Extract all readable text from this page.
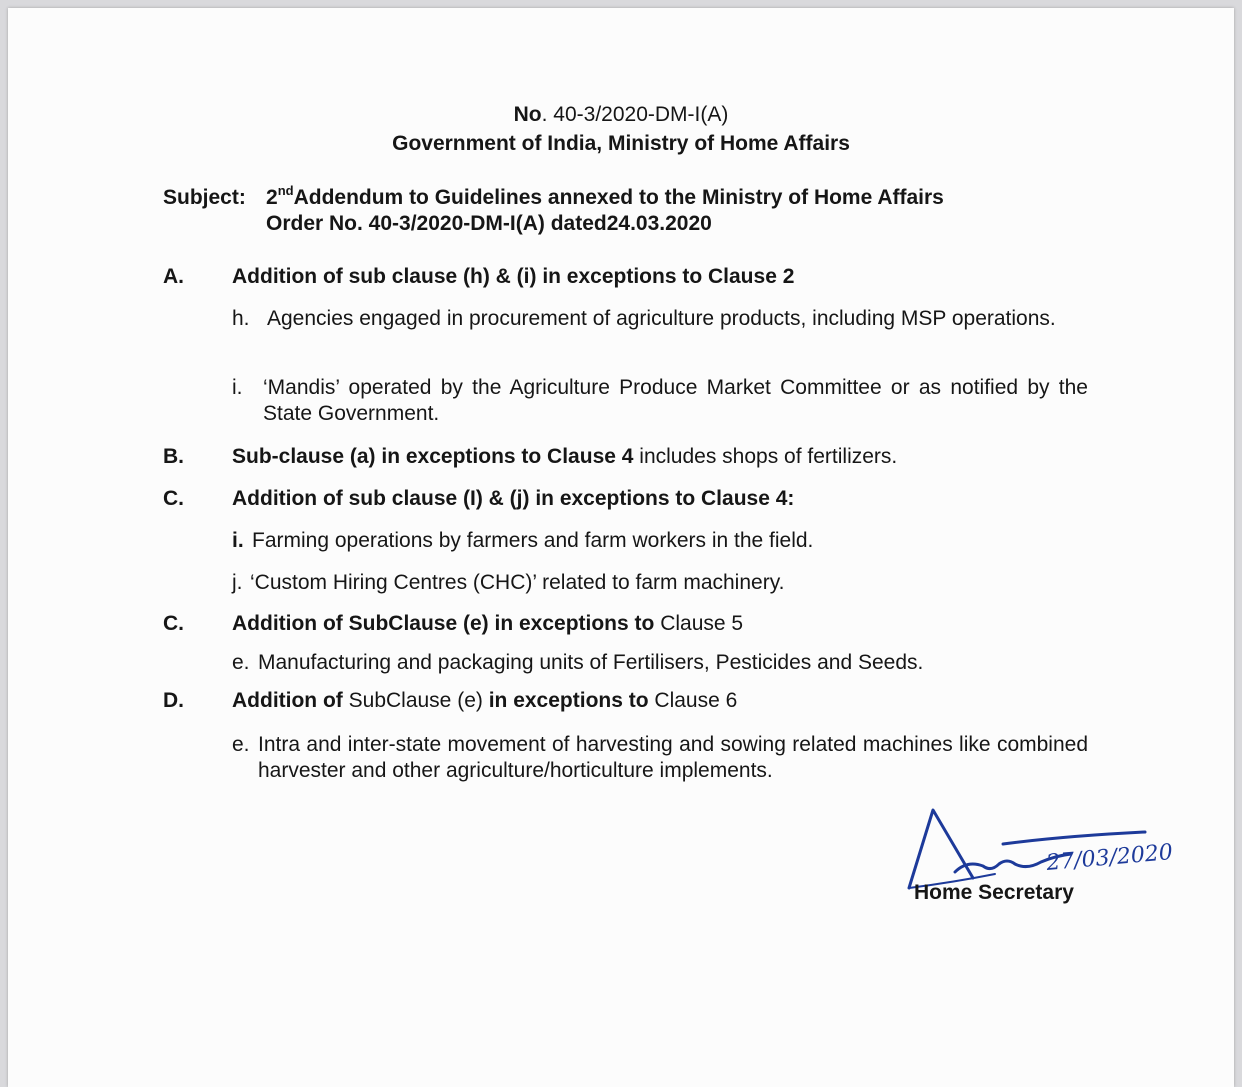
No. 40-3/2020-DM-I(A)
Government of India, Ministry of Home Affairs
Subject: 2ndAddendum to Guidelines annexed to the Ministry of Home Affairs
Order No. 40-3/2020-DM-I(A) dated24.03.2020
A. Addition of sub clause (h) & (i) in exceptions to Clause 2
h. Agencies engaged in procurement of agriculture products, including MSP operations.
i. ‘Mandis’ operated by the Agriculture Produce Market Committee or as notified by the State Government.
B. Sub-clause (a) in exceptions to Clause 4 includes shops of fertilizers.
C. Addition of sub clause (I) & (j) in exceptions to Clause 4:
i. Farming operations by farmers and farm workers in the field.
j. ‘Custom Hiring Centres (CHC)’ related to farm machinery.
C. Addition of SubClause (e) in exceptions to Clause 5
e. Manufacturing and packaging units of Fertilisers, Pesticides and Seeds.
D. Addition of SubClause (e) in exceptions to Clause 6
e. Intra and inter-state movement of harvesting and sowing related machines like combined harvester and other agriculture/horticulture implements.
27/03/2020
Home Secretary
